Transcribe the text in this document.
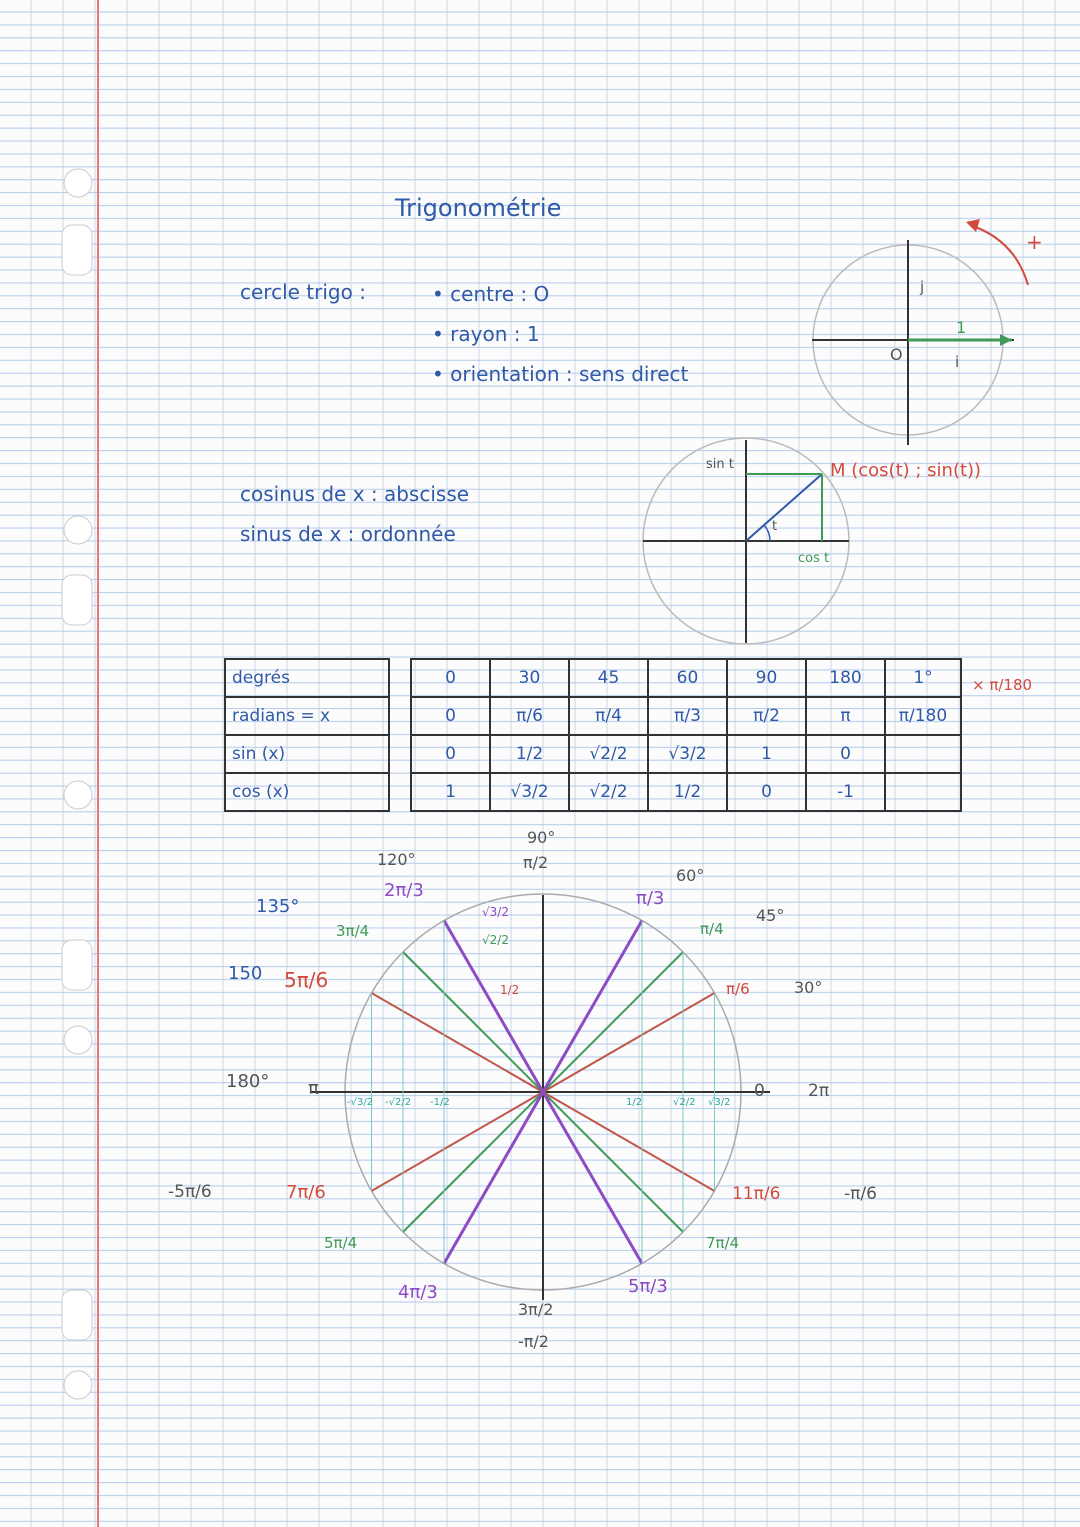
Trigonométrie
cercle trigo :	• centre : O
• rayon : 1
• orientation : sens direct
cosinus de x : abscisse
sinus de x : ordonnée
O	i
j
1
+
sin t
cos t
t
M (cos(t) ; sin(t))
degrés		0	30	45	60	90	180	1°
radians = x		0	π/6	π/4	π/3	π/2	π	π/180
sin (x)		0	1/2	√2/2	√3/2	1	0	
cos (x)		1	√3/2	√2/2	1/2	0	-1	
× π/180
90°
π/2
120°
2π/3
135°
3π/4
150 5π/6
180° π
60°
π/3
45°
π/4
30°
π/6
0	2π
-5π/6	7π/6
5π/4
4π/3
3π/2
-π/2
5π/3
7π/4
11π/6	-π/6
√3/2
√2/2
1/2
-√3/2 -√2/2 -1/2	1/2	√2/2 √3/2
